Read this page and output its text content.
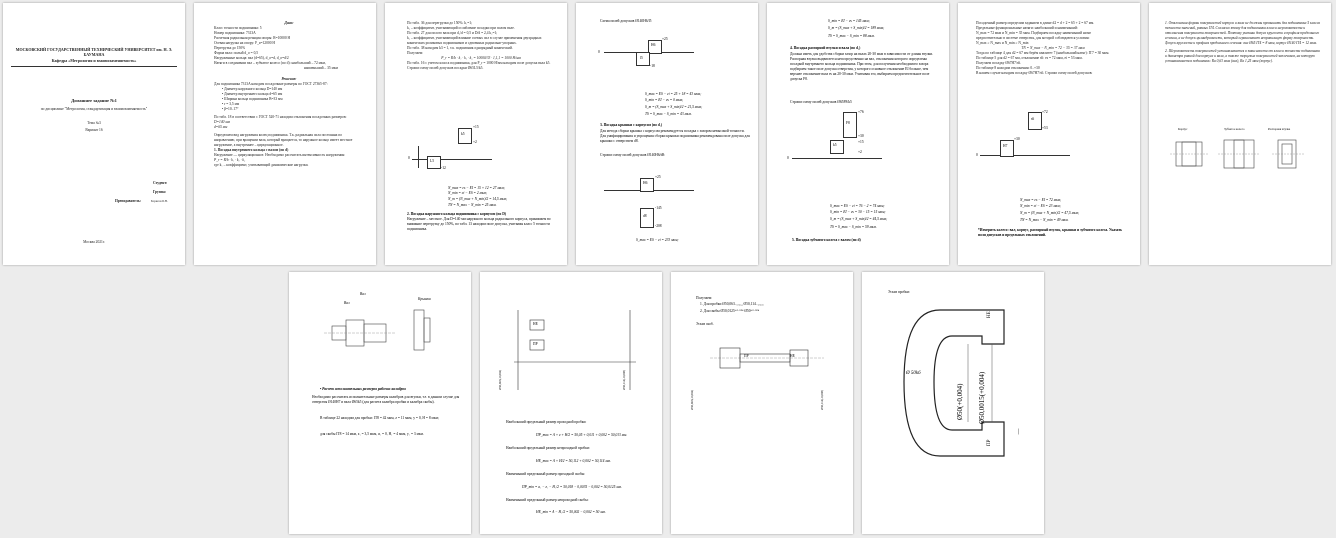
МОСКОВСКИЙ ГОСУДАРСТВЕННЫЙ ТЕХНИЧЕСКИЙ УНИВЕРСИТЕТ им. Н. Э. БАУМАНА
Кафедра «Метрология и взаимозаменяемость»
Домашнее задание №1
по дисциплине "Метрология, стандартизация и взаимозаменяемость"
Тема №3
Вариант 16
Студент:
Группа:
Преподаватель:	Борисов Б.Н.
Москва 2021г.
Дано:
Класс точности подшипника: 5
Номер подшипника: 7313A
Расчетная радиальная реакция опоры: R=10000 Н
Осевая нагрузка на опору: F_a=12000 Н
Перегрузка до 150%
Форма вала: полый d_o = 0,5
Нагруженные кольца: вал (d=65), d_o=d, d_o=d/2
Натяги в соединении вал – зубчатое колесо (по d): наибольший – 72 мкм,
наименьший – 35 мкм
Решение:
Для подшипника 7313A находим посадочные размеры по ГОСТ 27365-87:
• Диаметр наружного кольца D=140 мм
• Диаметр внутреннего кольца d=65 мм
• Ширина кольца подшипника B=33 мм
• r = 3,5 мм
• β=10..17°
По табл. 18 в соответствии с ГОСТ 520-71 находим отклонения посадочных размеров:
D=140 мм
d=65 мм
Определяем вид нагружения колец подшипника. Т.к. радиальная сила постоянна по направлению, при вращении вала, который вращается, то наружное кольцо имеет местное нагружение, а внутреннее – циркуляционное.
1. Посадка внутреннего кольца с валом (по d)
Нагружение — циркуляционное. Необходимо рассчитать интенсивность нагружения:
P_r = R/b · k₁ · k₂ · k₃
где k₁ – коэффициент, учитывающий динамические нагрузки.
По табл. 36 для перегрузки до 150%: k₁=1;
k₂ – коэффициент, учитывающий ослабление посадки при полом вале.
По табл. 27 для полого вала при d₀/d = 0,5 и D/d = 2,4 k₂=1;
k₃ – коэффициент, учитывающий влияние осевых сил в случае применения двухрядных конических роликовых подшипников и сдвоенных радиально-упорных.
По табл. 38 находим k3 = 1, т.к. подшипник однорядный конический.
Получаем:
P_r = R/b · k₁ · k₂ · k₃ = 10000/33 · 1,1,1 = 1000 Н/мм
По табл. 16 с учетом класса подшипника, для P_r = 1000 Н/мм находим поле допуска вала k5.
Строим схему полей допусков посадки Ø65L5/k5.
k5
L5
+15
+2
-12
0
N_max = es − EI = 15 + 12 = 27 мкм;
N_min = ei − ES = 2 мкм;
N_m = (N_max + N_min)/2 = 14,5 мкм;
TN = N_max − N_min = 25 мкм.
2. Посадка наружного кольца подшипника с корпусом (по D)
Нагружение – местное. Для D=140 мм наружного кольца радиального корпуса, принимаем во внимание перегрузку до 150%, по табл. 13 находим поле допуска, учитывая класс 5 точности подшипника.
Схема полей допусков Ø140H6/l5
H6
l5
+25
-18
0
S_max = ES − ei = 25 + 18 = 43 мкм;
S_min = EI − es = 0 мкм;
S_m = (S_max + S_min)/2 = 21,5 мкм;
TS = S_max − S_min = 43 мкм.
3. Посадка крышки с корпусом (по d₁)
Для метода сборки крышка с корпусом рекомендуется посадка с зазором невысокой точности. Для унифицирования и упрощения сборки крышки подшипника рекомендована поле допуска для крышки с отверстием d8.
Строим схему полей допусков Ø140H6/d8:
H6
d8
+25
-145
-208
S_max = ES − ei = 233 мкм;
S_min = EI − es = 145 мкм;
S_m = (S_max + S_min)/2 = 189 мкм;
TS = S_max − S_min = 88 мкм.
4. Посадка распорной втулки и вала (по d₂)
Должна иметь для удобства сборки зазор на валах 20-30 мкм в зависимости от длины втулки. Распорная втулка выдвигается непосредственно на вал, отклонения которого определены посадкой внутреннего кольца подшипника. При этом, для получения необходимого зазора подбираем такое поле допуска отверстия, у которого основное отклонение EI больше, чем верхнее отклонение вала es на 20-30 мкм. Учитывая это, выбираем предпочтительное поле допуска F8.
Строим схему полей допусков Ø65F8/k5
F8
k5
+76
+30
+15
+2
0
S_max = ES − ei = 76 − 2 = 74 мкм;
S_min = EI − es = 30 − 15 = 15 мкм;
S_m = (S_max + S_min)/2 = 44,5 мкм;
TS = S_max − S_min = 59 мкм.
5. Посадка зубчатого колеса с валом (по d)
Посадочный размер определим заданием в длине d2 = d + 2 = 65 + 2 = 67 мм.
Предельные функциональные натяги: наибольший и наименьший:
N_max = 72 мкм и N_min = 35 мкм. Подбираем посадку наименьший натяг
предпочтительно в системе отверстия, для которой соблюдаются условия:
N_max ≥ N_max и N_min ≥ N_min
TN = N_max − N_min = 72 − 35 = 37 мкм
Тогда по таблице 4 для d2 = 67 мм берём квалитет 7 (наибольший натяг): IT7 = 30 мкм.
По таблице 5 для d2 = 67 мм, отклонение s6: es = 72 мкм, ei = 53 мкм.
Получаем посадку Ø67H7/s6.
По таблице 8 находим отклонения: 0..+30
В нашем случае находим посадку Ø67H7/s6. Строим схему полей допусков:
H7
s6
+53
+30
+72
0
N_max = es − EI = 72 мкм;
N_min = ei − ES = 23 мкм;
N_m = (N_max + N_min)/2 = 47,5 мкм;
TN = N_max − N_min = 49 мкм.
*Измерить колесо: вал, корпус, распорный втулок, крышки и зубчатого колеса. Указать поля допусков и предельных отклонений.
1. Отклонения формы поверхностей корпуса и вала не должны превышать для подшипника 5 класса точности значений, равных IT4. Согласно этому для подшипника класса шероховатости и отклонения поверхности поверхностей. Поэтому указаны допуск круглости и профиля продольного сечения, а не допуск цилиндричности, который ограничивает неправильную форму поверхности. Допуск круглости и профиля продольного сечения: вал Ø65 IT4 = 8 мкм, корпус Ø140 IT4 = 12 мкм.
2. Шероховатость поверхностей устанавливается в зависимости от класса точности подшипника и диаметра равной для корпуса и вала, а также торцевых поверхностей заплечиков, на которую устанавливается подшипник: Ra 0,63 мкм (вал), Ra 1,25 мкм (корпус).
Корпус	Зубчатое колесо	Распорная втулка
Вал
Крышка
Вал
• Расчет исполнительных размеров рабочих калибров
Необходимо рассчитать исполнительные размеры калибров для втулки, т.е. в данном случае для отверстия Ø140H7 и вала Ø65k5 (для расчета калибра пробки и калибра скобы).
В таблице 22 находим для пробки: IT8 = 42 мкм, z = 11 мкм, y = 0, H = 8 мкм;
для скобы IT8 = 14 мкм, z₁ = 3,5 мкм, α₁ = 0, H₁ = 4 мкм, y₁ = 3 мкм.
НЕ
ПР
Ø50,063(-0,004)	Ø50,114(-0,008)
Наибольший предельный размер проходной пробки:
ПР_max = A + z + H/2 = 50,05 + 0,011 + 0,002 = 50,013 мм.
Наибольший предельный размер непроходной пробки:
НЕ_max = A + H/2 = 50,112 + 0,002 = 50,114 мм.
Наименьший предельный размер проходной скобы:
ПР_min = a₁ − z₁ − H₁/2 = 50,018 − 0,0035 − 0,002 = 50,0125 мм.
Наименьший предельный размер непроходной скобы:
НЕ_min = A − H₁/2 = 50,002 − 0,002 = 50 мм.
Получаем:
1. Для пробки Ø50,063₋₀,₀₀₄ Ø50,114₋₀,₀₀₈
2. Для скобы Ø50,0125⁺⁰·⁰⁰⁴ Ø50⁺⁰·⁰⁰⁴
Эскиз скоб.
ПР	НЕ
Ø50,063(-0,004)	Ø50,114(-0,008)
Эскиз пробки:
НЕ
ПР
Ø 50k6
Ø50(+0,004) Ø50,0015(+0,004)
|
